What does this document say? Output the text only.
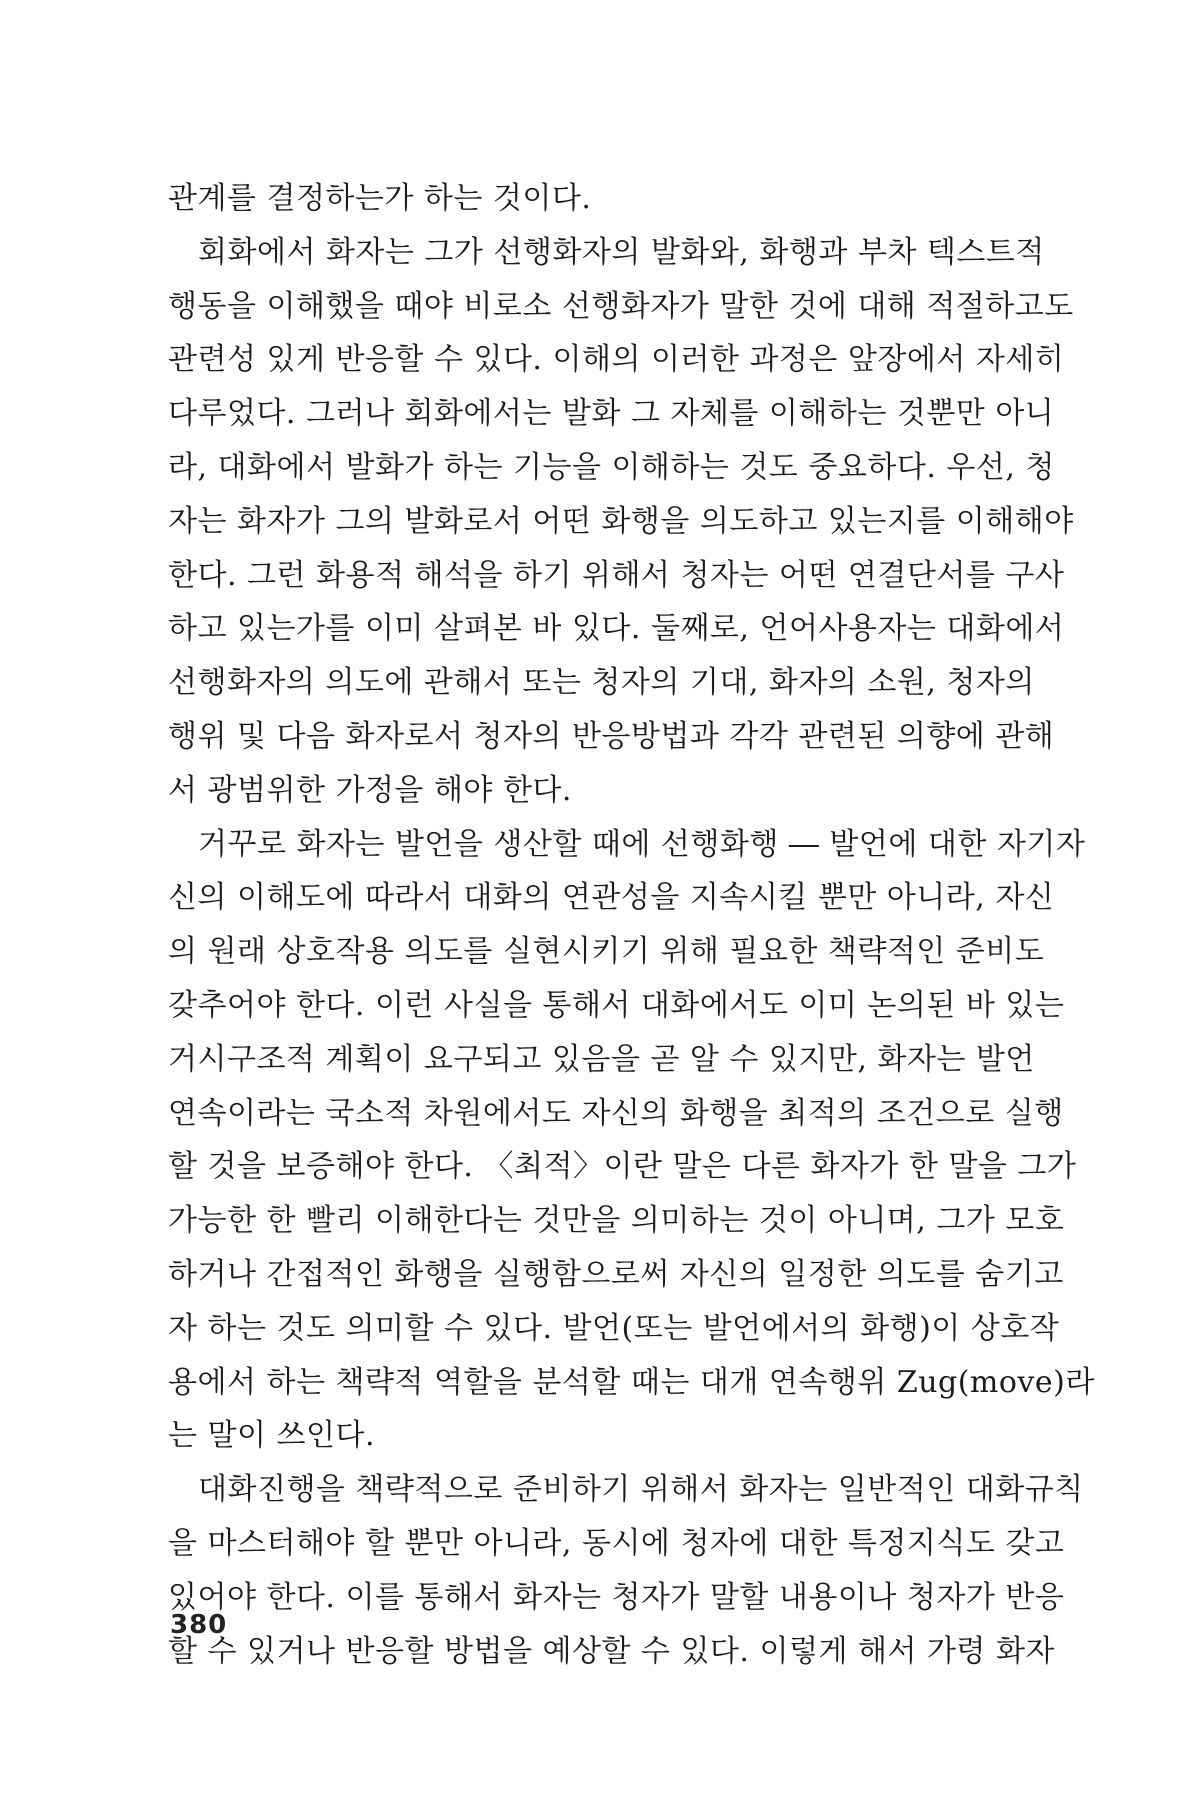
관계를 결정하는가 하는 것이다.
회화에서 화자는 그가 선행화자의 발화와, 화행과 부차 텍스트적
행동을 이해했을 때야 비로소 선행화자가 말한 것에 대해 적절하고도
관련성 있게 반응할 수 있다. 이해의 이러한 과정은 앞장에서 자세히
다루었다. 그러나 회화에서는 발화 그 자체를 이해하는 것뿐만 아니
라, 대화에서 발화가 하는 기능을 이해하는 것도 중요하다. 우선, 청
자는 화자가 그의 발화로서 어떤 화행을 의도하고 있는지를 이해해야
한다. 그런 화용적 해석을 하기 위해서 청자는 어떤 연결단서를 구사
하고 있는가를 이미 살펴본 바 있다. 둘째로, 언어사용자는 대화에서
선행화자의 의도에 관해서 또는 청자의 기대, 화자의 소원, 청자의
행위 및 다음 화자로서 청자의 반응방법과 각각 관련된 의향에 관해
서 광범위한 가정을 해야 한다.
거꾸로 화자는 발언을 생산할 때에 선행화행 ― 발언에 대한 자기자
신의 이해도에 따라서 대화의 연관성을 지속시킬 뿐만 아니라, 자신
의 원래 상호작용 의도를 실현시키기 위해 필요한 책략적인 준비도
갖추어야 한다. 이런 사실을 통해서 대화에서도 이미 논의된 바 있는
거시구조적 계획이 요구되고 있음을 곧 알 수 있지만, 화자는 발언
연속이라는 국소적 차원에서도 자신의 화행을 최적의 조건으로 실행
할 것을 보증해야 한다. 〈최적〉이란 말은 다른 화자가 한 말을 그가
가능한 한 빨리 이해한다는 것만을 의미하는 것이 아니며, 그가 모호
하거나 간접적인 화행을 실행함으로써 자신의 일정한 의도를 숨기고
자 하는 것도 의미할 수 있다. 발언(또는 발언에서의 화행)이 상호작
용에서 하는 책략적 역할을 분석할 때는 대개 연속행위 Zug(move)라
는 말이 쓰인다.
대화진행을 책략적으로 준비하기 위해서 화자는 일반적인 대화규칙
을 마스터해야 할 뿐만 아니라, 동시에 청자에 대한 특정지식도 갖고
있어야 한다. 이를 통해서 화자는 청자가 말할 내용이나 청자가 반응
할 수 있거나 반응할 방법을 예상할 수 있다. 이렇게 해서 가령 화자
380
